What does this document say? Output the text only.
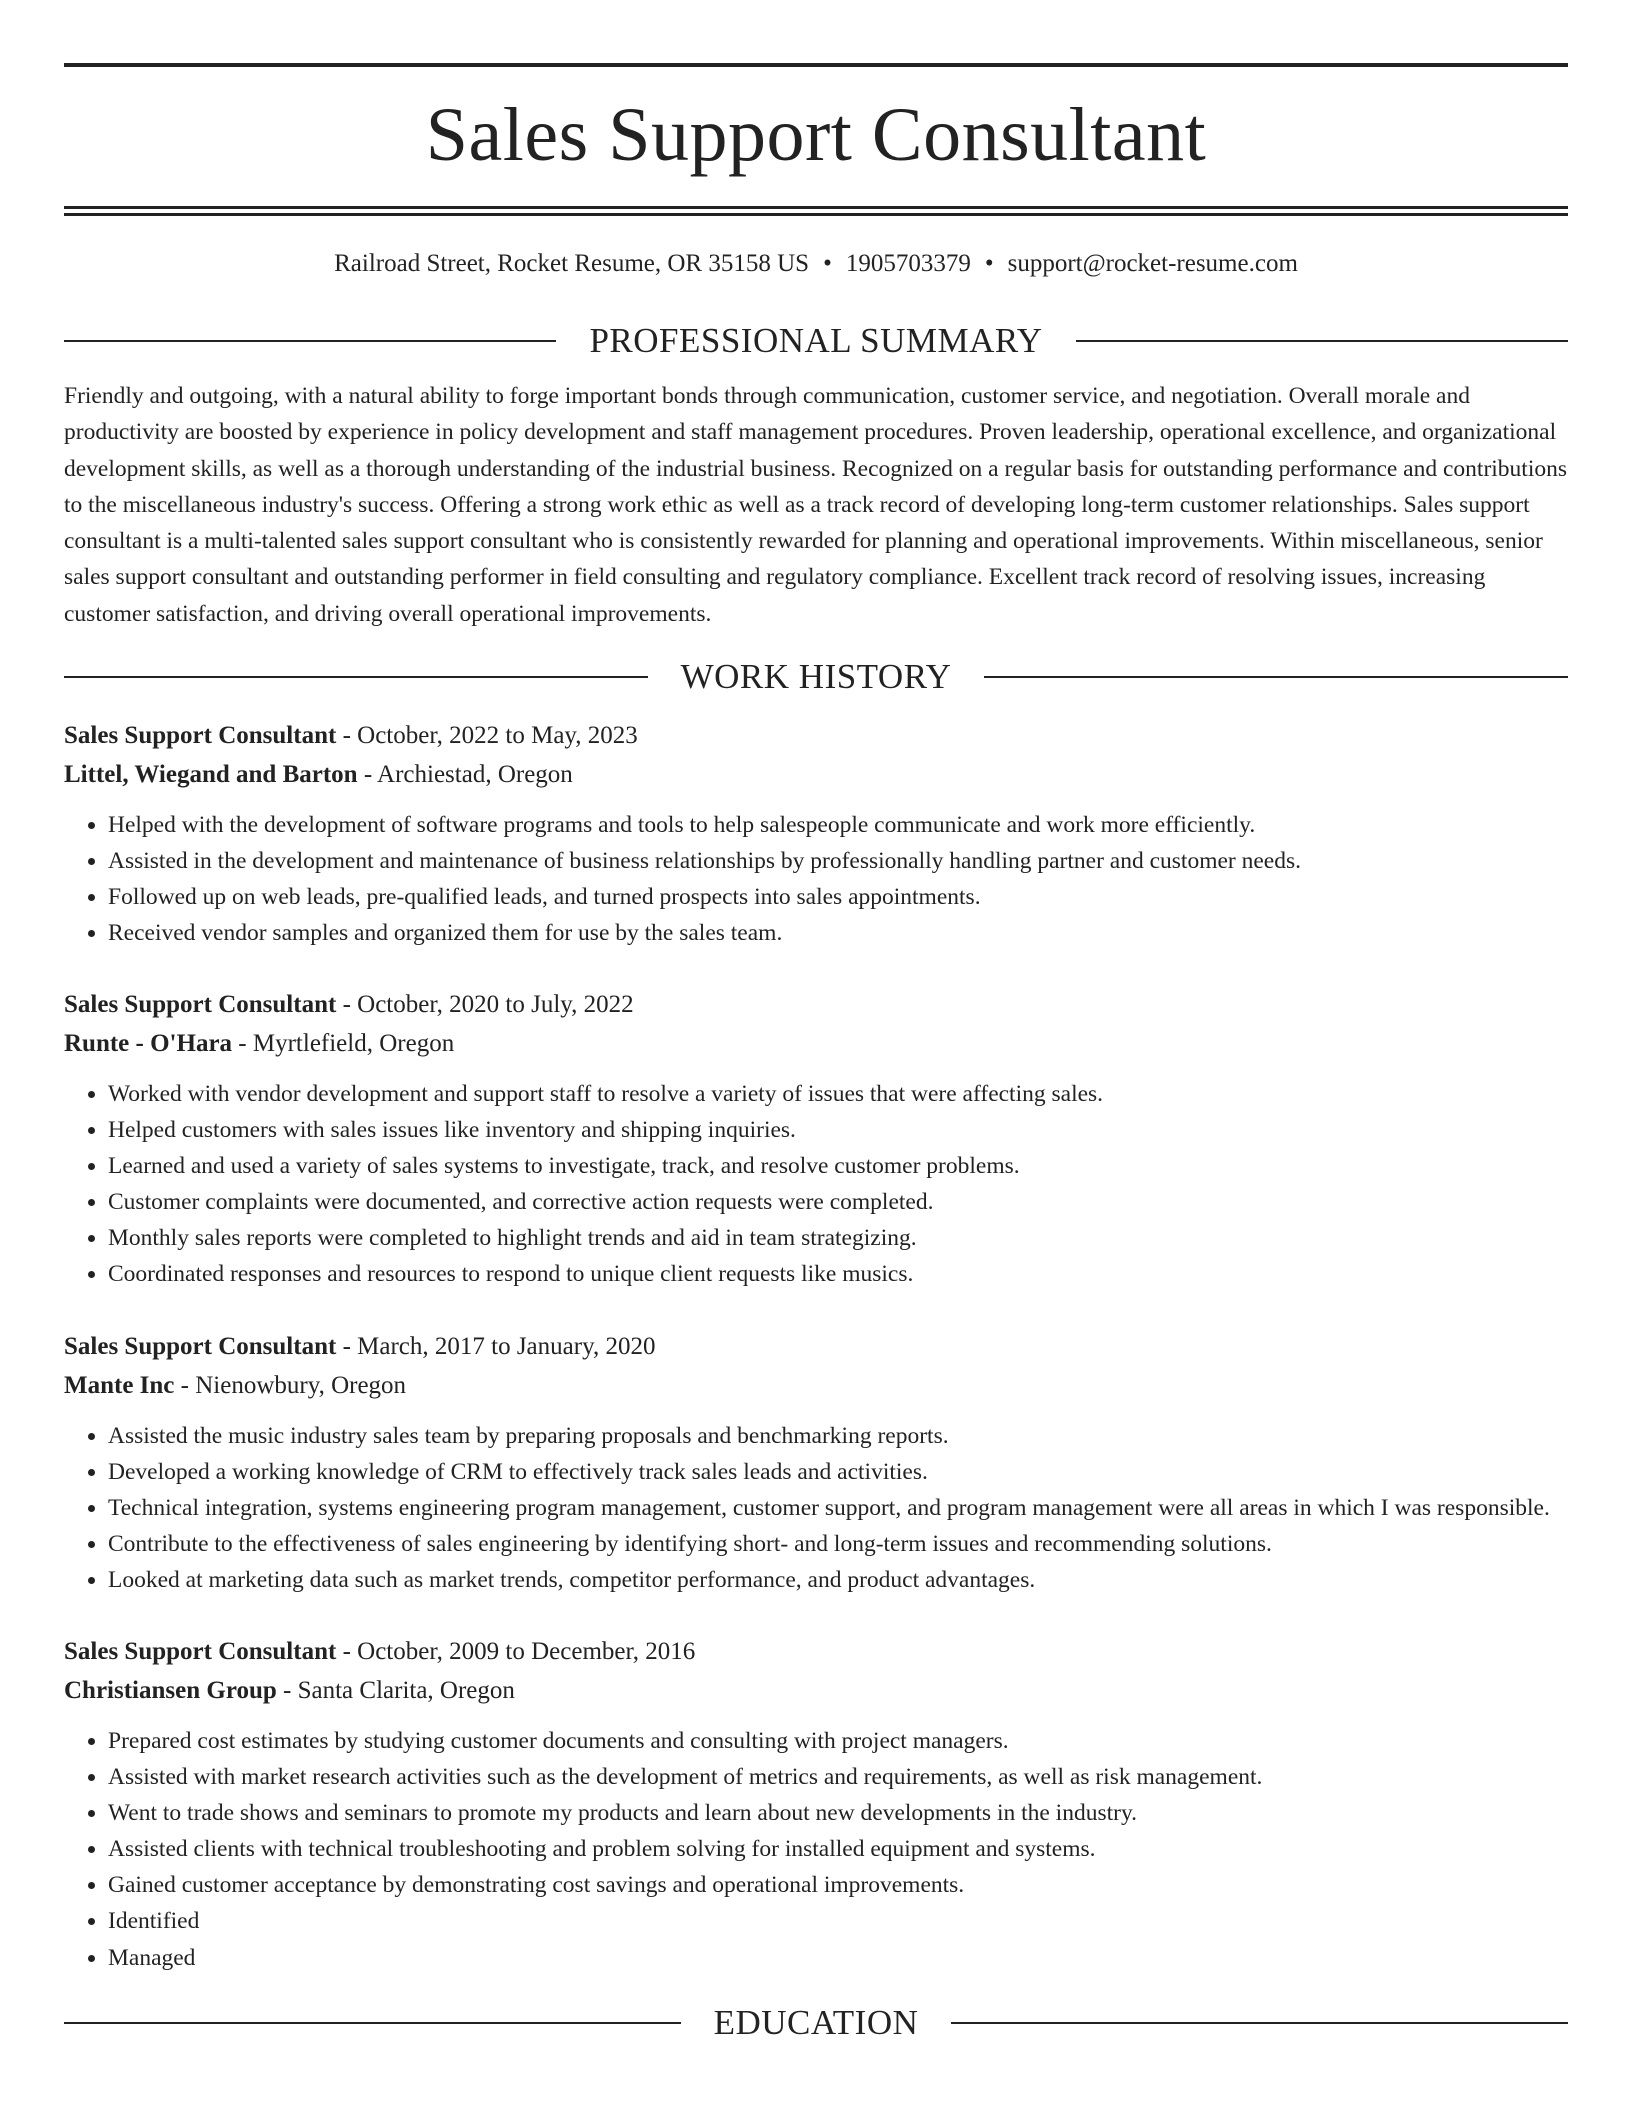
Sales Support Consultant
Railroad Street, Rocket Resume, OR 35158 US • 1905703379 • support@rocket-resume.com
PROFESSIONAL SUMMARY

Friendly and outgoing, with a natural ability to forge important bonds through communication, customer service, and negotiation. Overall morale and productivity are boosted by experience in policy development and staff management procedures. Proven leadership, operational excellence, and organizational development skills, as well as a thorough understanding of the industrial business. Recognized on a regular basis for outstanding performance and contributions to the miscellaneous industry's success. Offering a strong work ethic as well as a track record of developing long-term customer relationships. Sales support consultant is a multi-talented sales support consultant who is consistently rewarded for planning and operational improvements. Within miscellaneous, senior sales support consultant and outstanding performer in field consulting and regulatory compliance. Excellent track record of resolving issues, increasing customer satisfaction, and driving overall operational improvements.

WORK HISTORY
Sales Support Consultant - October, 2022 to May, 2023
Littel, Wiegand and Barton - Archiestad, Oregon
• Helped with the development of software programs and tools to help salespeople communicate and work more efficiently.
• Assisted in the development and maintenance of business relationships by professionally handling partner and customer needs.
• Followed up on web leads, pre-qualified leads, and turned prospects into sales appointments.
• Received vendor samples and organized them for use by the sales team.
Sales Support Consultant - October, 2020 to July, 2022
Runte - O'Hara - Myrtlefield, Oregon
• Worked with vendor development and support staff to resolve a variety of issues that were affecting sales.
• Helped customers with sales issues like inventory and shipping inquiries.
• Learned and used a variety of sales systems to investigate, track, and resolve customer problems.
• Customer complaints were documented, and corrective action requests were completed.
• Monthly sales reports were completed to highlight trends and aid in team strategizing.
• Coordinated responses and resources to respond to unique client requests like musics.
Sales Support Consultant - March, 2017 to January, 2020
Mante Inc - Nienowbury, Oregon
• Assisted the music industry sales team by preparing proposals and benchmarking reports.
• Developed a working knowledge of CRM to effectively track sales leads and activities.
• Technical integration, systems engineering program management, customer support, and program management were all areas in which I was responsible.
• Contribute to the effectiveness of sales engineering by identifying short- and long-term issues and recommending solutions.
• Looked at marketing data such as market trends, competitor performance, and product advantages.
Sales Support Consultant - October, 2009 to December, 2016
Christiansen Group - Santa Clarita, Oregon
• Prepared cost estimates by studying customer documents and consulting with project managers.
• Assisted with market research activities such as the development of metrics and requirements, as well as risk management.
• Went to trade shows and seminars to promote my products and learn about new developments in the industry.
• Assisted clients with technical troubleshooting and problem solving for installed equipment and systems.
• Gained customer acceptance by demonstrating cost savings and operational improvements.
• Identified
• Managed
EDUCATION
